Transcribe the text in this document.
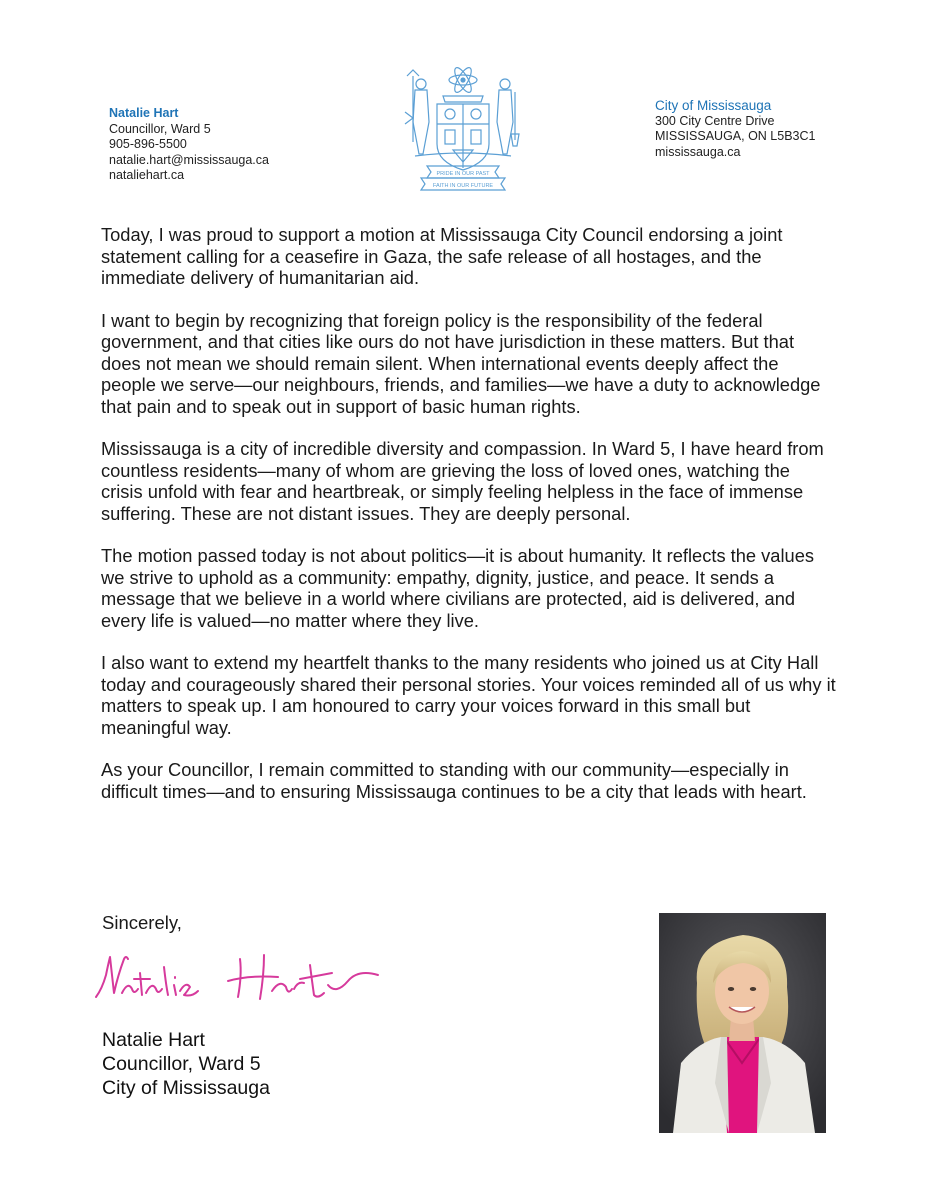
Natalie Hart
Councillor, Ward 5
905-896-5500
natalie.hart@mississauga.ca
nataliehart.ca	PRIDE IN OUR PAST
FAITH IN OUR FUTURE
City of Mississauga
300 City Centre Drive
MISSISSAUGA, ON L5B3C1
mississauga.ca

Today, I was proud to support a motion at Mississauga City Council endorsing a joint statement calling for a ceasefire in Gaza, the safe release of all hostages, and the immediate delivery of humanitarian aid.

I want to begin by recognizing that foreign policy is the responsibility of the federal government, and that cities like ours do not have jurisdiction in these matters. But that does not mean we should remain silent. When international events deeply affect the people we serve—our neighbours, friends, and families—we have a duty to acknowledge that pain and to speak out in support of basic human rights.

Mississauga is a city of incredible diversity and compassion. In Ward 5, I have heard from countless residents—many of whom are grieving the loss of loved ones, watching the crisis unfold with fear and heartbreak, or simply feeling helpless in the face of immense suffering. These are not distant issues. They are deeply personal.

The motion passed today is not about politics—it is about humanity. It reflects the values we strive to uphold as a community: empathy, dignity, justice, and peace. It sends a message that we believe in a world where civilians are protected, aid is delivered, and every life is valued—no matter where they live.

I also want to extend my heartfelt thanks to the many residents who joined us at City Hall today and courageously shared their personal stories. Your voices reminded all of us why it matters to speak up. I am honoured to carry your voices forward in this small but meaningful way.

As your Councillor, I remain committed to standing with our community—especially in difficult times—and to ensuring Mississauga continues to be a city that leads with heart.

Sincerely,
Natalie Hart
Councillor, Ward 5
City of Mississauga
